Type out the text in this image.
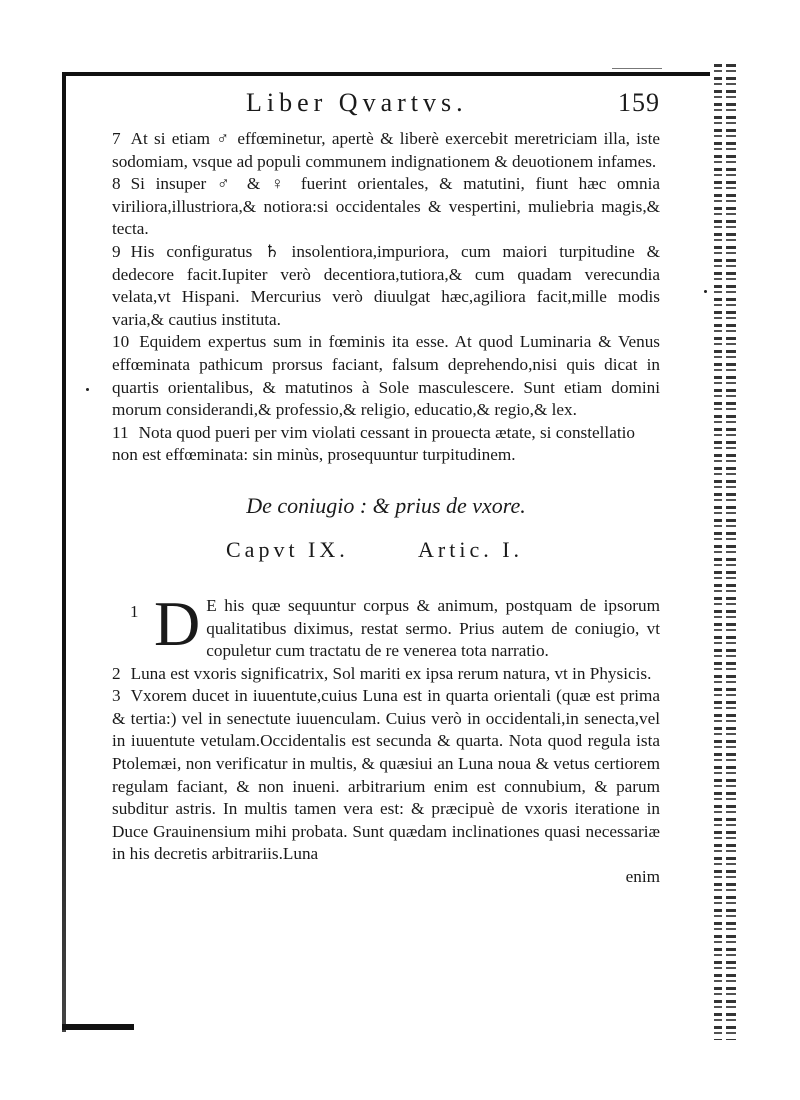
Liber Qvartvs.	159

7 At si etiam ♂ effœminetur, apertè & liberè exercebit meretriciam illa, iste sodomiam, vsque ad populi communem indignationem & deuotionem infames.

8 Si insuper ♂ & ♀ fuerint orientales, & matutini, fiunt hæc omnia viriliora,illustriora,& notiora:si occidentales & vespertini, muliebria magis,& tecta.

9 His configuratus ♄ insolentiora,impuriora, cum maiori turpitudine & dedecore facit.Iupiter verò decentiora,tutiora,& cum quadam verecundia velata,vt Hispani. Mercurius verò diuulgat hæc,agiliora facit,mille modis varia,& cautius instituta.

10 Equidem expertus sum in fœminis ita esse. At quod Luminaria & Venus effœminata pathicum prorsus faciant, falsum deprehendo,nisi quis dicat in quartis orientalibus, & matutinos à Sole masculescere. Sunt etiam domini morum considerandi,& professio,& religio, educatio,& regio,& lex.

11 Nota quod pueri per vim violati cessant in prouecta ætate, si constellatio non est effœminata: sin minùs, prosequuntur turpitudinem.

De coniugio : & prius de vxore.
Capvt IX.	Artic. I.
1 D E his quæ sequuntur corpus & animum, postquam de ipsorum qualitatibus diximus, restat sermo. Prius autem de coniugio, vt copuletur cum tractatu de re venerea tota narratio.

2 Luna est vxoris significatrix, Sol mariti ex ipsa rerum natura, vt in Physicis.

3 Vxorem ducet in iuuentute,cuius Luna est in quarta orientali (quæ est prima & tertia:) vel in senectute iuuenculam. Cuius verò in occidentali,in senecta,vel in iuuentute vetulam.Occidentalis est secunda & quarta. Nota quod regula ista Ptolemæi, non verificatur in multis, & quæsiui an Luna noua & vetus certiorem regulam faciant, & non inueni. arbitrarium enim est connubium, & parum subditur astris. In multis tamen vera est: & præcipuè de vxoris iteratione in Duce Grauinensium mihi probata. Sunt quædam inclinationes quasi necessariæ in his decretis arbitrariis.Luna

enim
